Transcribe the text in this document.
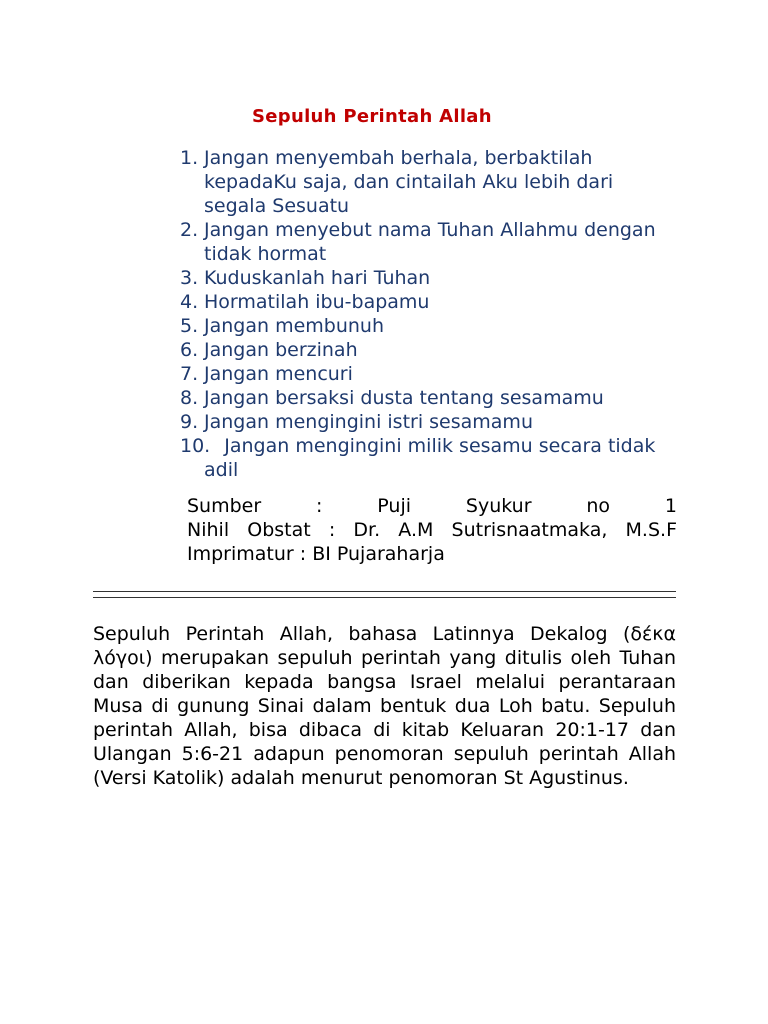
Sepuluh Perintah Allah
1. Jangan menyembah berhala, berbaktilah kepadaKu saja, dan cintailah Aku lebih dari segala Sesuatu
2. Jangan menyebut nama Tuhan Allahmu dengan tidak hormat
3. Kuduskanlah hari Tuhan
4. Hormatilah ibu-bapamu
5. Jangan membunuh
6. Jangan berzinah
7. Jangan mencuri
8. Jangan bersaksi dusta tentang sesamamu
9. Jangan mengingini istri sesamamu
10. Jangan mengingini milik sesamu secara tidak adil
Sumber : Puji Syukur no 1
Nihil Obstat : Dr. A.M Sutrisnaatmaka, M.S.F
Imprimatur : BI Pujaraharja

Sepuluh Perintah Allah, bahasa Latinnya Dekalog (δέκα λόγοι) merupakan sepuluh perintah yang ditulis oleh Tuhan dan diberikan kepada bangsa Israel melalui perantaraan Musa di gunung Sinai dalam bentuk dua Loh batu. Sepuluh perintah Allah, bisa dibaca di kitab Keluaran 20:1-17 dan Ulangan 5:6-21 adapun penomoran sepuluh perintah Allah (Versi Katolik) adalah menurut penomoran St Agustinus.
